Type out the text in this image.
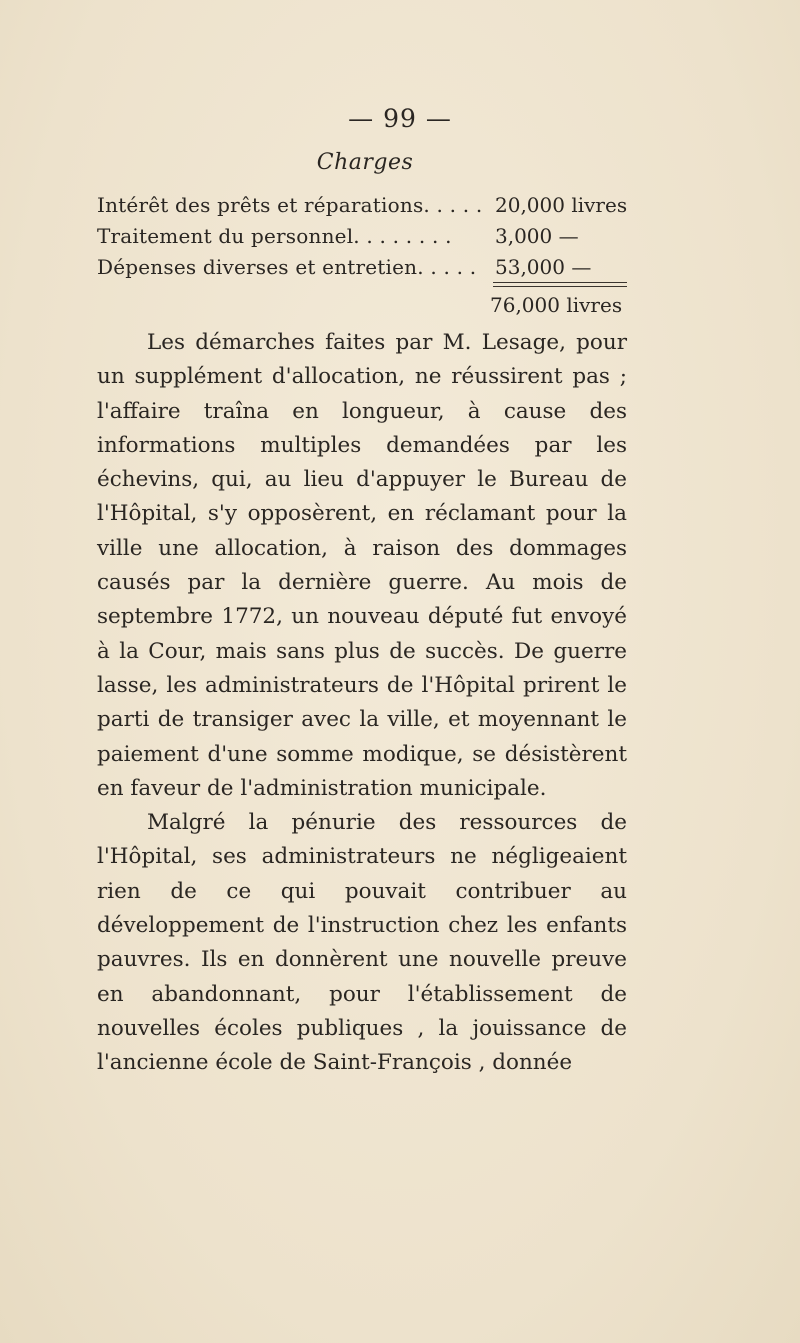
— 99 —
Charges
Intérêt des prêts et réparations. . . . . 20,000 livres
Traitement du personnel. . . . . . . . 3,000 —
Dépenses diverses et entretien. . . . . 53,000 —
76,000 livres

Les démarches faites par M. Lesage, pour un supplément d'allocation, ne réussirent pas ; l'affaire traîna en longueur, à cause des informations multiples demandées par les échevins, qui, au lieu d'appuyer le Bureau de l'Hôpital, s'y opposèrent, en réclamant pour la ville une allocation, à raison des dommages causés par la dernière guerre. Au mois de septembre 1772, un nouveau député fut envoyé à la Cour, mais sans plus de succès. De guerre lasse, les administrateurs de l'Hôpital prirent le parti de transiger avec la ville, et moyennant le paiement d'une somme modique, se désistèrent en faveur de l'administration municipale.

Malgré la pénurie des ressources de l'Hôpital, ses administrateurs ne négligeaient rien de ce qui pouvait contribuer au développement de l'instruction chez les enfants pauvres. Ils en donnèrent une nouvelle preuve en abandonnant, pour l'établissement de nouvelles écoles publiques , la jouissance de l'ancienne école de Saint-François , donnée
